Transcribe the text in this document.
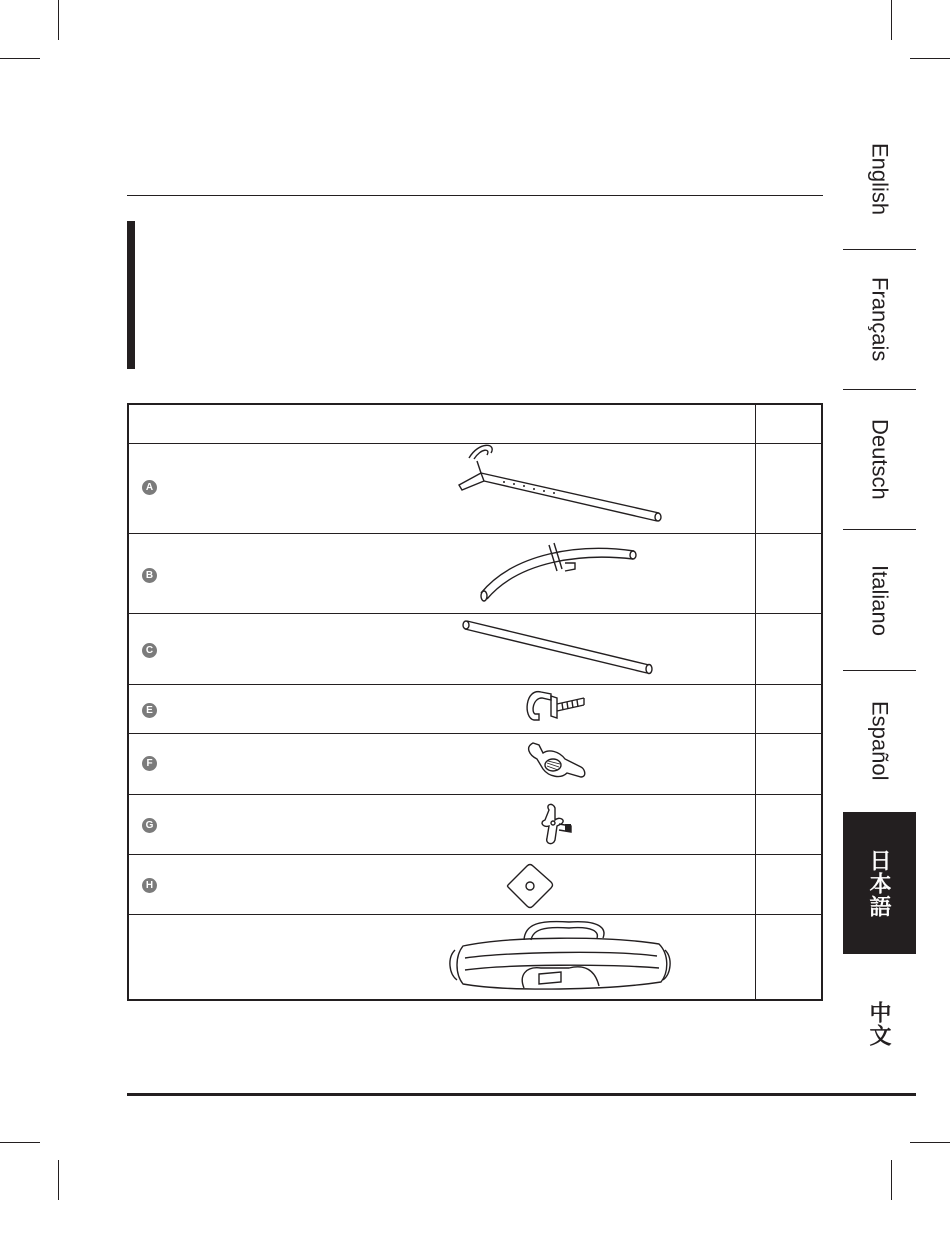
A
B
C
E
F
G
H
English
Français
Deutsch
Italiano
Español
日本語
中文
